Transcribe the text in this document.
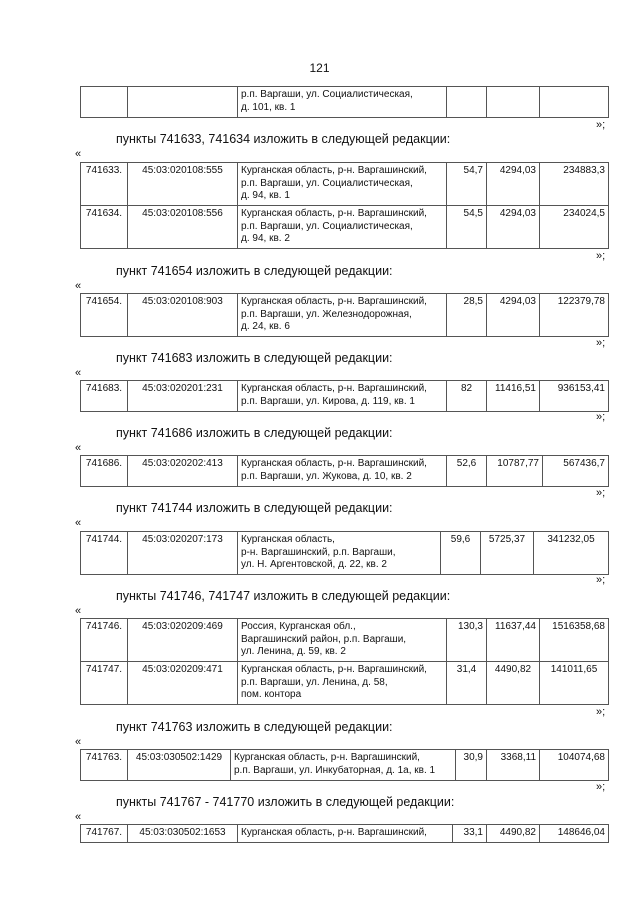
121

р.п. Варгаши, ул. Социалистическая,
д. 101, кв. 1

»;
пункты 741633, 741634 изложить в следующей редакции:
«
741633.	45:03:020108:555	Курганская область, р-н. Варгашинский,
р.п. Варгаши, ул. Социалистическая,
д. 94, кв. 1	54,7	4294,03	234883,3
741634.	45:03:020108:556	Курганская область, р-н. Варгашинский,
р.п. Варгаши, ул. Социалистическая,
д. 94, кв. 2	54,5	4294,03	234024,5
»;
пункт 741654 изложить в следующей редакции:
«
741654.	45:03:020108:903	Курганская область, р-н. Варгашинский,
р.п. Варгаши, ул. Железнодорожная,
д. 24, кв. 6
	28,5	4294,03	122379,78
»;
пункт 741683 изложить в следующей редакции:
«
741683.	45:03:020201:231	Курганская область, р-н. Варгашинский,
р.п. Варгаши, ул. Кирова, д. 119, кв. 1
	82	11416,51	936153,41
»;
пункт 741686 изложить в следующей редакции:
«
741686.	45:03:020202:413	Курганская область, р-н. Варгашинский,
р.п. Варгаши, ул. Жукова, д. 10, кв. 2
	52,6	10787,77	567436,7
»;
пункт 741744 изложить в следующей редакции:
«
741744.	45:03:020207:173	Курганская область,
р-н. Варгашинский, р.п. Варгаши,
ул. Н. Аргентовской, д. 22, кв. 2
	59,6	5725,37	341232,05
»;
пункты 741746, 741747 изложить в следующей редакции:
«
741746.	45:03:020209:469	Россия, Курганская обл.,
Варгашинский район, р.п. Варгаши,
ул. Ленина, д. 59, кв. 2	130,3	11637,44	1516358,68
741747.	45:03:020209:471	Курганская область, р-н. Варгашинский,
р.п. Варгаши, ул. Ленина, д. 58,
пом. контора	31,4	4490,82	141011,65
»;
пункт 741763 изложить в следующей редакции:
«
741763.	45:03:030502:1429	Курганская область, р-н. Варгашинский,
р.п. Варгаши, ул. Инкубаторная, д. 1а, кв. 1
	30,9	3368,11	104074,68
»;
пункты 741767 - 741770 изложить в следующей редакции:
«
741767.	45:03:030502:1653	Курганская область, р-н. Варгашинский,	33,1	4490,82	148646,04
